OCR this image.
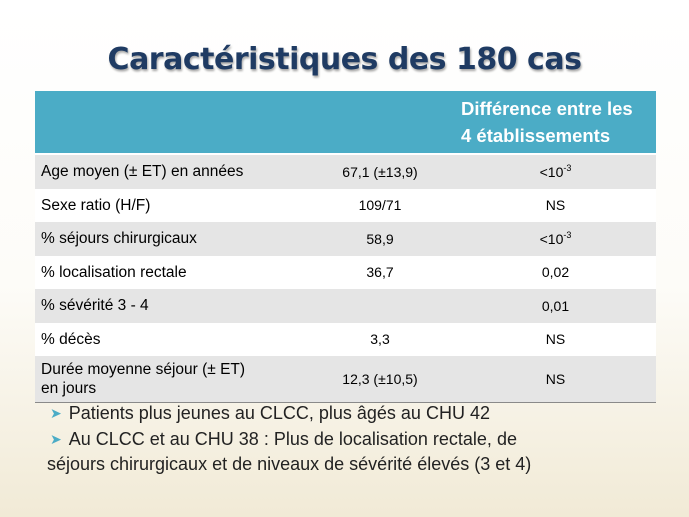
Caractéristiques des 180 cas
		Différence entre les
4 établissements
Age moyen (± ET) en années	67,1 (±13,9)	$<10^{-3}$
Sexe ratio (H/F)	109/71	NS
% séjours chirurgicaux	58,9	$<10^{-3}$
% localisation rectale	36,7	0,02
% sévérité 3 - 4		0,01
% décès	3,3	NS
Durée moyenne séjour (± ET)
en jours	12,3 (±10,5)	NS

➤ Patients plus jeunes au CLCC, plus âgés au CHU 42

➤ Au CLCC et au CHU 38 : Plus de localisation rectale, de

séjours chirurgicaux et de niveaux de sévérité élevés (3 et 4)
